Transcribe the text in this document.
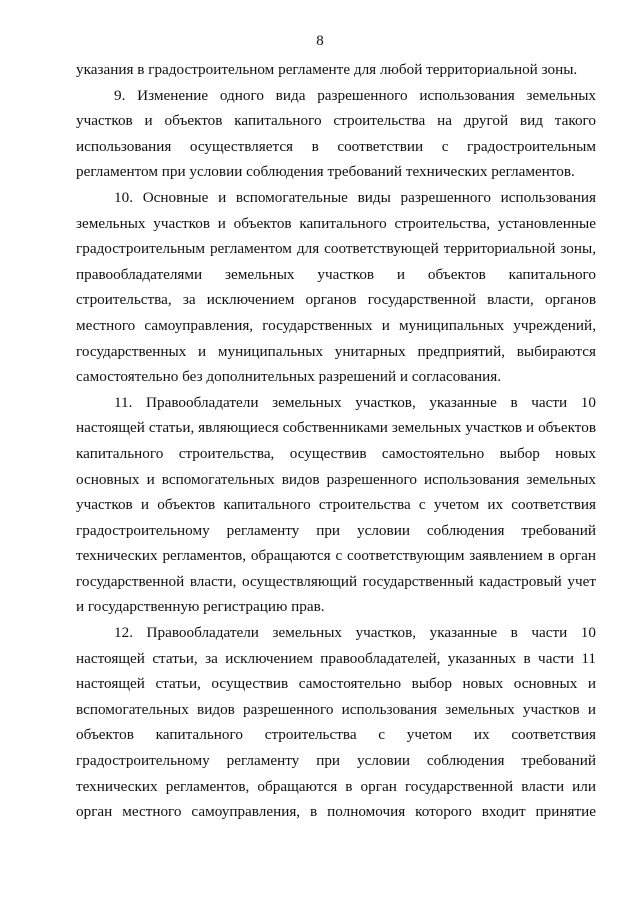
8
указания в градостроительном регламенте для любой территориальной зоны.
9. Изменение одного вида разрешенного использования земельных
участков и объектов капитального строительства на другой вид такого
использования осуществляется в соответствии с градостроительным
регламентом при условии соблюдения требований технических регламентов.
10. Основные и вспомогательные виды разрешенного использования
земельных участков и объектов капитального строительства, установленные
градостроительным регламентом для соответствующей территориальной зоны,
правообладателями земельных участков и объектов капитального
строительства, за исключением органов государственной власти, органов
местного самоуправления, государственных и муниципальных учреждений,
государственных и муниципальных унитарных предприятий, выбираются
самостоятельно без дополнительных разрешений и согласования.
11. Правообладатели земельных участков, указанные в части 10
настоящей статьи, являющиеся собственниками земельных участков и объектов
капитального строительства, осуществив самостоятельно выбор новых
основных и вспомогательных видов разрешенного использования земельных
участков и объектов капитального строительства с учетом их соответствия
градостроительному регламенту при условии соблюдения требований
технических регламентов, обращаются с соответствующим заявлением в орган
государственной власти, осуществляющий государственный кадастровый учет
и государственную регистрацию прав.
12. Правообладатели земельных участков, указанные в части 10
настоящей статьи, за исключением правообладателей, указанных в части 11
настоящей статьи, осуществив самостоятельно выбор новых основных и
вспомогательных видов разрешенного использования земельных участков и
объектов капитального строительства с учетом их соответствия
градостроительному регламенту при условии соблюдения требований
технических регламентов, обращаются в орган государственной власти или
орган местного самоуправления, в полномочия которого входит принятие
